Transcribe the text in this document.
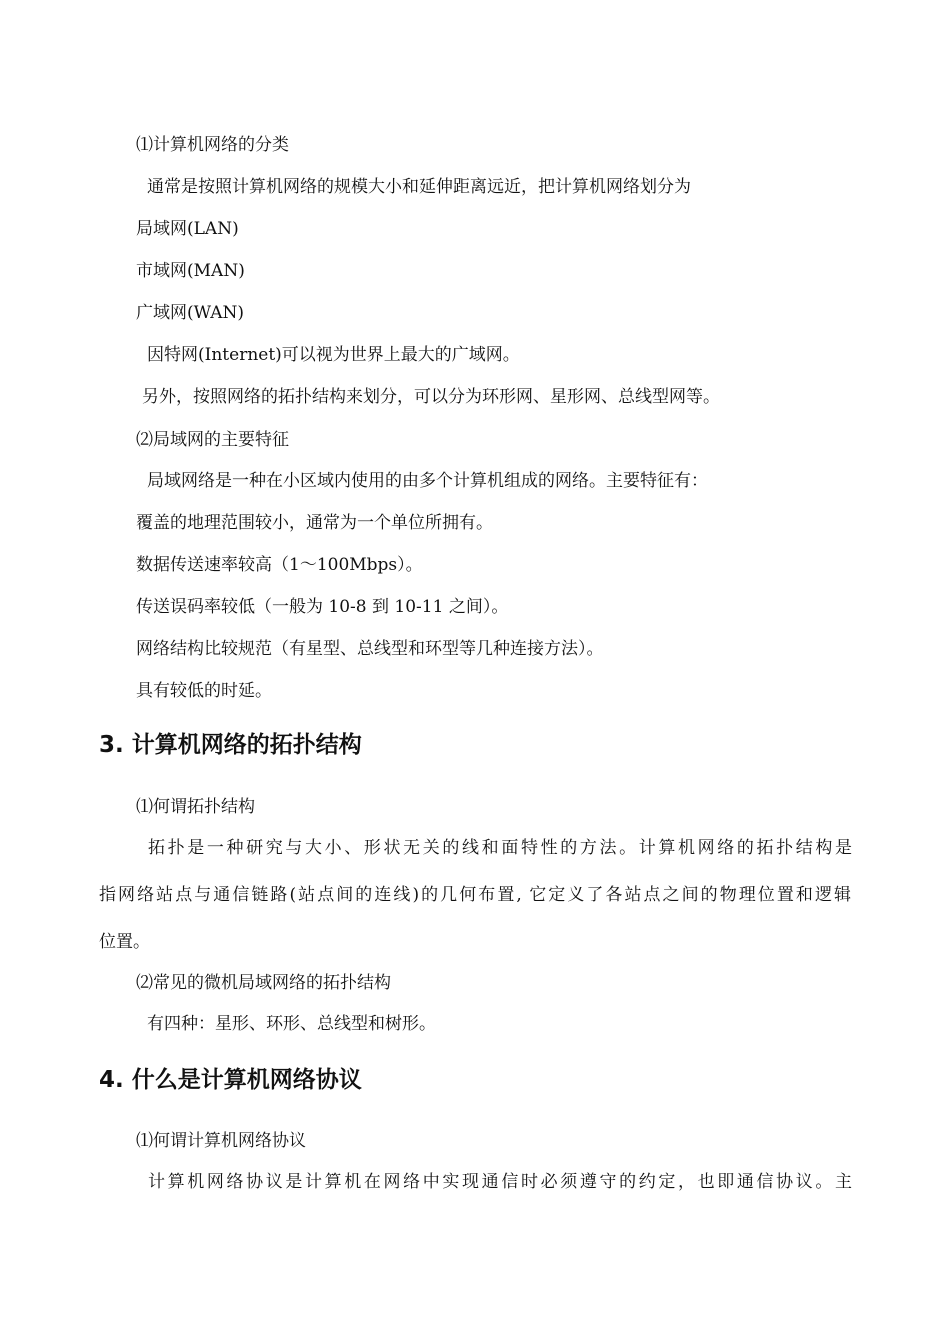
⑴计算机网络的分类

通常是按照计算机网络的规模大小和延伸距离远近，把计算机网络划分为

局域网(LAN)

市域网(MAN)

广域网(WAN)

因特网(Internet)可以视为世界上最大的广域网。

另外，按照网络的拓扑结构来划分，可以分为环形网、星形网、总线型网等。

⑵局域网的主要特征

局域网络是一种在小区域内使用的由多个计算机组成的网络。主要特征有：

覆盖的地理范围较小，通常为一个单位所拥有。

数据传送速率较高（1～100Mbps）。

传送误码率较低（一般为 10-8 到 10-11 之间）。

网络结构比较规范（有星型、总线型和环型等几种连接方法）。

具有较低的时延。

3. 计算机网络的拓扑结构

⑴何谓拓扑结构

拓扑是一种研究与大小、形状无关的线和面特性的方法。计算机网络的拓扑结构是

指网络站点与通信链路(站点间的连线)的几何布置, 它定义了各站点之间的物理位置和逻辑

位置。

⑵常见的微机局域网络的拓扑结构

有四种：星形、环形、总线型和树形。

4. 什么是计算机网络协议

⑴何谓计算机网络协议

计算机网络协议是计算机在网络中实现通信时必须遵守的约定，也即通信协议。主
